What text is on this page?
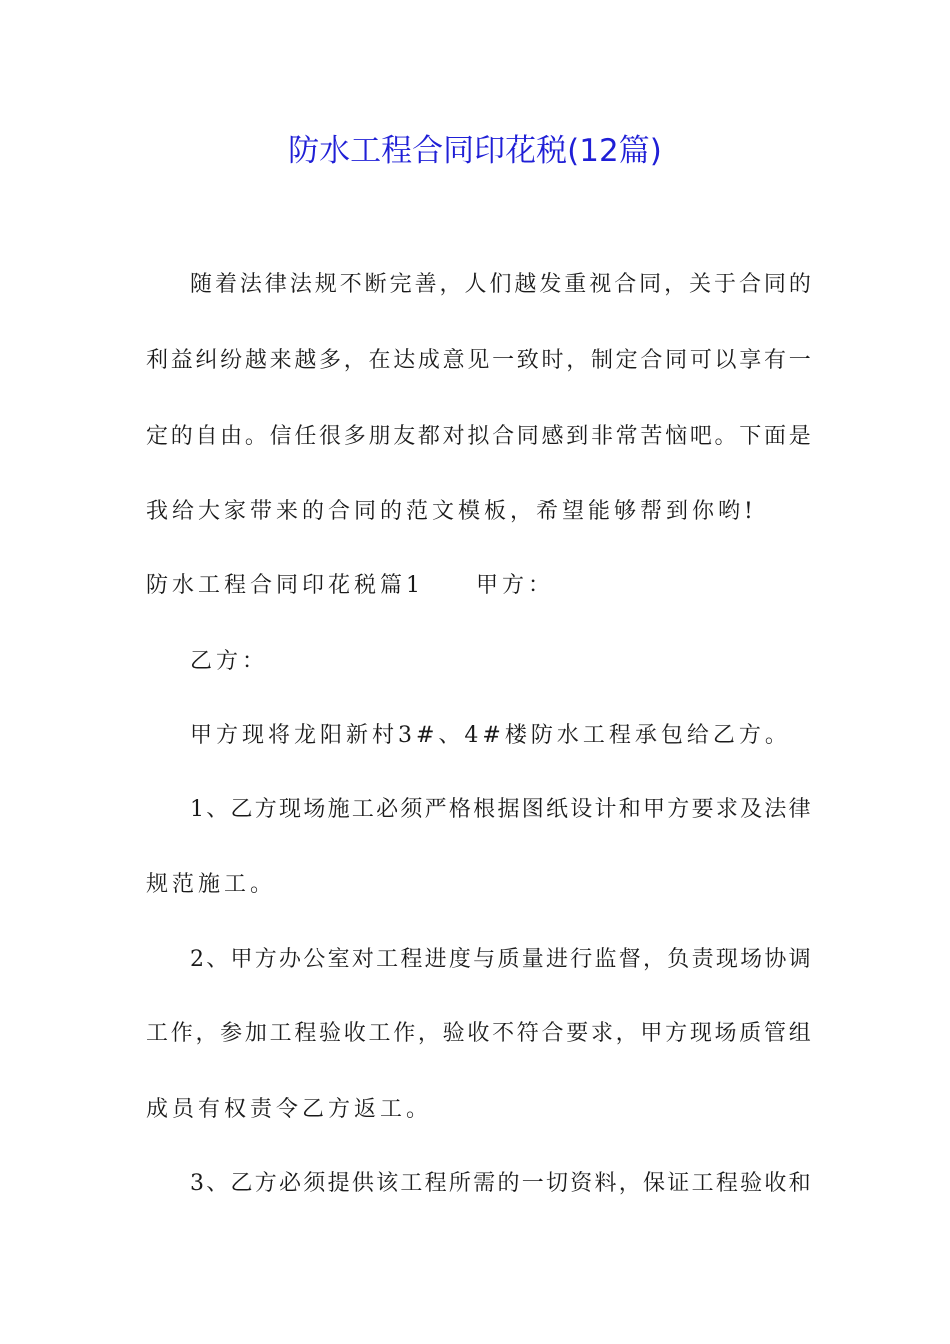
防水工程合同印花税(12篇)

随 着 法 律 法 规 不 断 完 善 ， 人 们 越 发 重 视 合 同 ， 关 于 合 同 的

利 益 纠 纷 越 来 越 多 ， 在 达 成 意 见 一 致 时 ， 制 定 合 同 可 以 享 有 一

定 的 自 由 。 信 任 很 多 朋 友 都 对 拟 合 同 感 到 非 常 苦 恼 吧 。 下 面 是

我给大家带来的合同的范文模板，希望能够帮到你哟!

防水工程合同印花税篇1 甲方：

乙方：

甲方现将龙阳新村3#、4#楼防水工程承包给乙方。

1 、 乙 方 现 场 施 工 必 须 严 格 根 据 图 纸 设 计 和 甲 方 要 求 及 法 律

规范施工。

2 、 甲 方 办 公 室 对 工 程 进 度 与 质 量 进 行 监 督 ， 负 责 现 场 协 调

工 作 ， 参 加 工 程 验 收 工 作 ， 验 收 不 符 合 要 求 ， 甲 方 现 场 质 管 组

成员有权责令乙方返工。

3 、 乙 方 必 须 提 供 该 工 程 所 需 的 一 切 资 料 ， 保 证 工 程 验 收 和
